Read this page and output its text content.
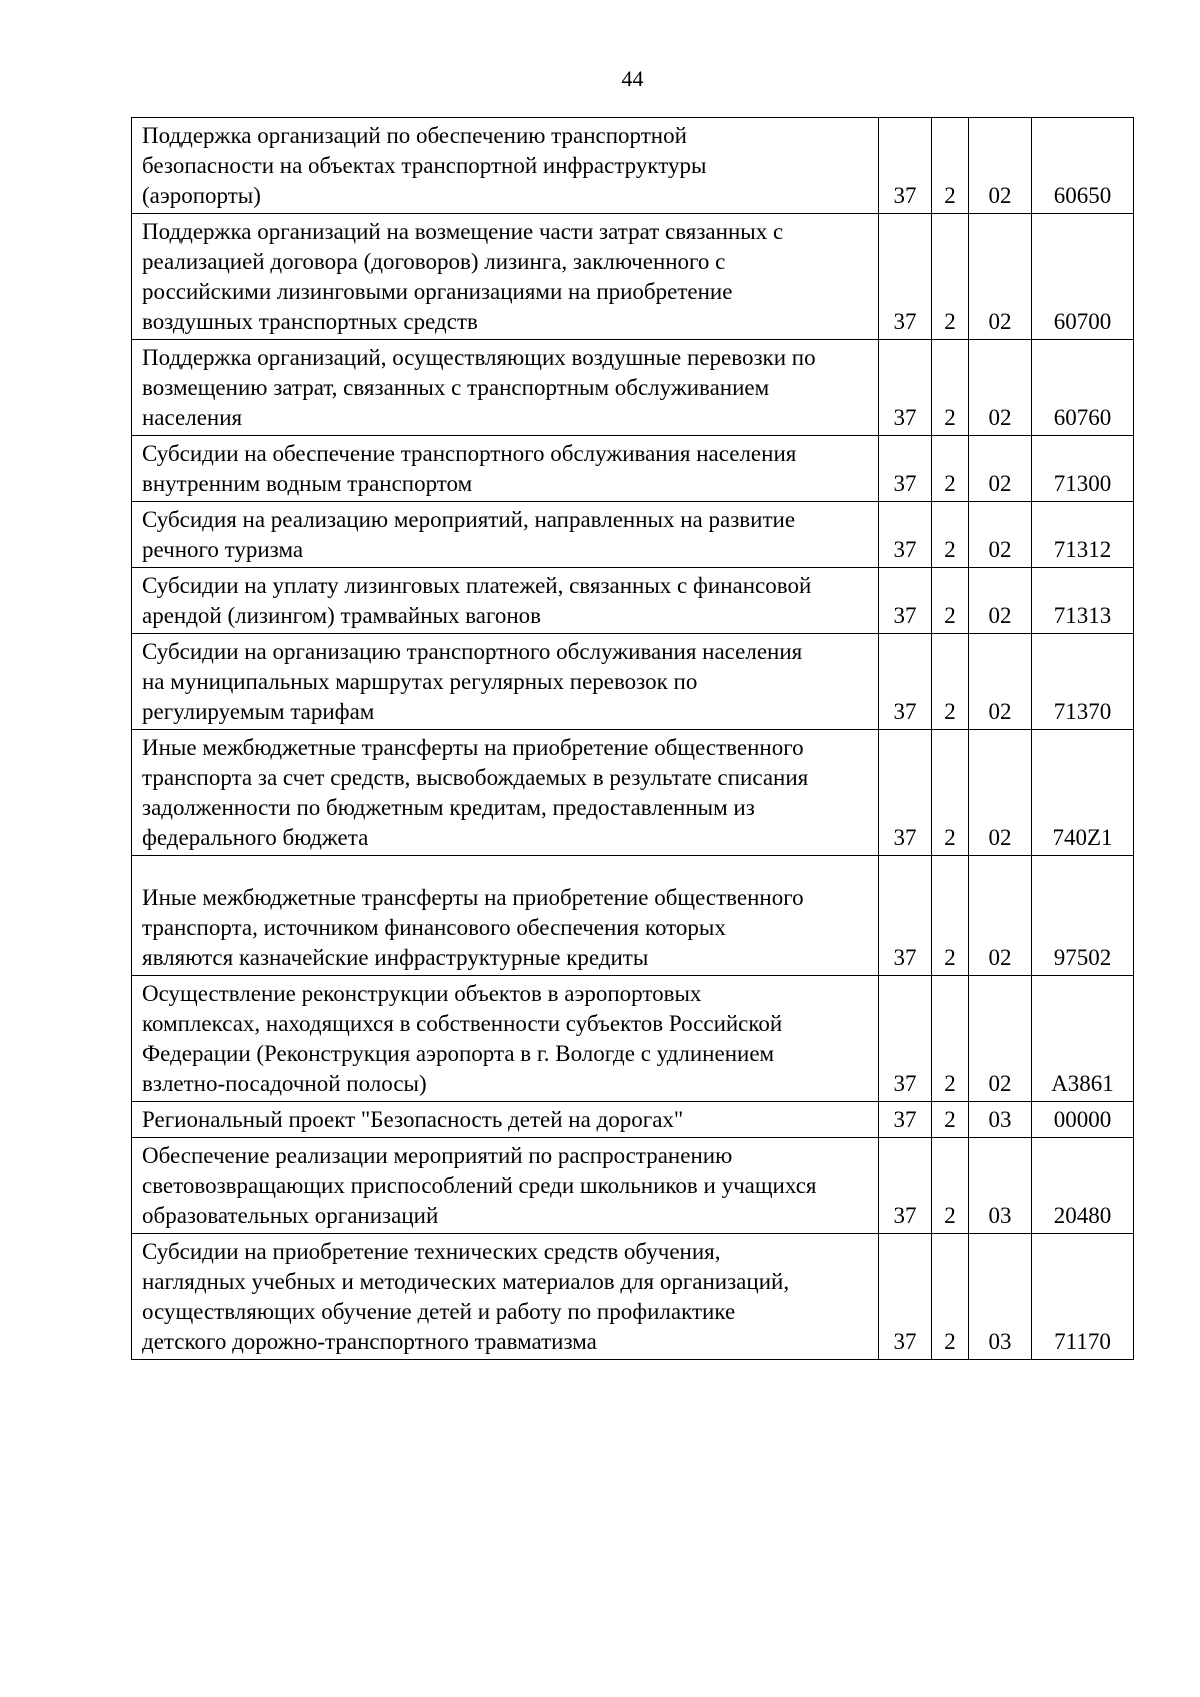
44
Поддержка организаций по обеспечению транспортной
безопасности на объектах транспортной инфраструктуры
(аэропорты)	37	2	02	60650
Поддержка организаций на возмещение части затрат связанных с
реализацией договора (договоров) лизинга, заключенного с
российскими лизинговыми организациями на приобретение
воздушных транспортных средств	37	2	02	60700
Поддержка организаций, осуществляющих воздушные перевозки по
возмещению затрат, связанных с транспортным обслуживанием
населения	37	2	02	60760
Субсидии на обеспечение транспортного обслуживания населения
внутренним водным транспортом	37	2	02	71300
Субсидия на реализацию мероприятий, направленных на развитие
речного туризма	37	2	02	71312
Субсидии на уплату лизинговых платежей, связанных с финансовой
арендой (лизингом) трамвайных вагонов	37	2	02	71313
Субсидии на организацию транспортного обслуживания населения
на муниципальных маршрутах регулярных перевозок по
регулируемым тарифам	37	2	02	71370
Иные межбюджетные трансферты на приобретение общественного
транспорта за счет средств, высвобождаемых в результате списания
задолженности по бюджетным кредитам, предоставленным из
федерального бюджета	37	2	02	740Z1
Иные межбюджетные трансферты на приобретение общественного
транспорта, источником финансового обеспечения которых
являются казначейские инфраструктурные кредиты	37	2	02	97502
Осуществление реконструкции объектов в аэропортовых
комплексах, находящихся в собственности субъектов Российской
Федерации (Реконструкция аэропорта в г. Вологде с удлинением
взлетно-посадочной полосы)	37	2	02	А3861
Региональный проект "Безопасность детей на дорогах"	37	2	03	00000
Обеспечение реализации мероприятий по распространению
световозвращающих приспособлений среди школьников и учащихся
образовательных организаций	37	2	03	20480
Субсидии на приобретение технических средств обучения,
наглядных учебных и методических материалов для организаций,
осуществляющих обучение детей и работу по профилактике
детского дорожно-транспортного травматизма	37	2	03	71170
